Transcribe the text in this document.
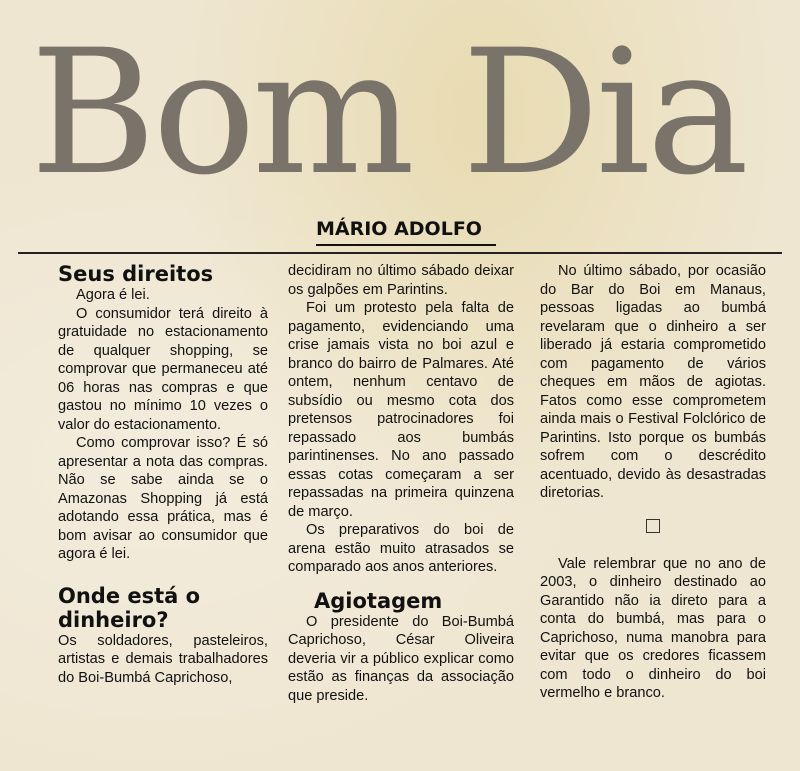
Bom Dia
MÁRIO ADOLFO
Seus direitos

Agora é lei.

O consumidor terá direito à gratuidade no estacionamento de qualquer shopping, se comprovar que permaneceu até 06 horas nas compras e que gastou no mínimo 10 vezes o valor do estacionamento.

Como comprovar isso? É só apresentar a nota das compras. Não se sabe ainda se o Amazonas Shopping já está adotando essa prática, mas é bom avisar ao consumidor que agora é lei.

Onde está o dinheiro?

Os soldadores, pasteleiros, artistas e demais trabalhadores do Boi-Bumbá Caprichoso,

decidiram no último sábado deixar os galpões em Parintins.

Foi um protesto pela falta de pagamento, evidenciando uma crise jamais vista no boi azul e branco do bairro de Palmares. Até ontem, nenhum centavo de subsídio ou mesmo cota dos pretensos patrocinadores foi repassado aos bumbás parintinenses. No ano passado essas cotas começaram a ser repassadas na primeira quinzena de março.

Os preparativos do boi de arena estão muito atrasados se comparado aos anos anteriores.

Agiotagem

O presidente do Boi-Bumbá Caprichoso, César Oliveira deveria vir a público explicar como estão as finanças da associação que preside.

No último sábado, por ocasião do Bar do Boi em Manaus, pessoas ligadas ao bumbá revelaram que o dinheiro a ser liberado já estaria comprometido com pagamento de vários cheques em mãos de agiotas. Fatos como esse comprometem ainda mais o Festival Folclórico de Parintins. Isto porque os bumbás sofrem com o descrédito acentuado, devido às desastradas diretorias.

Vale relembrar que no ano de 2003, o dinheiro destinado ao Garantido não ia direto para a conta do bumbá, mas para o Caprichoso, numa manobra para evitar que os credores ficassem com todo o dinheiro do boi vermelho e branco.
